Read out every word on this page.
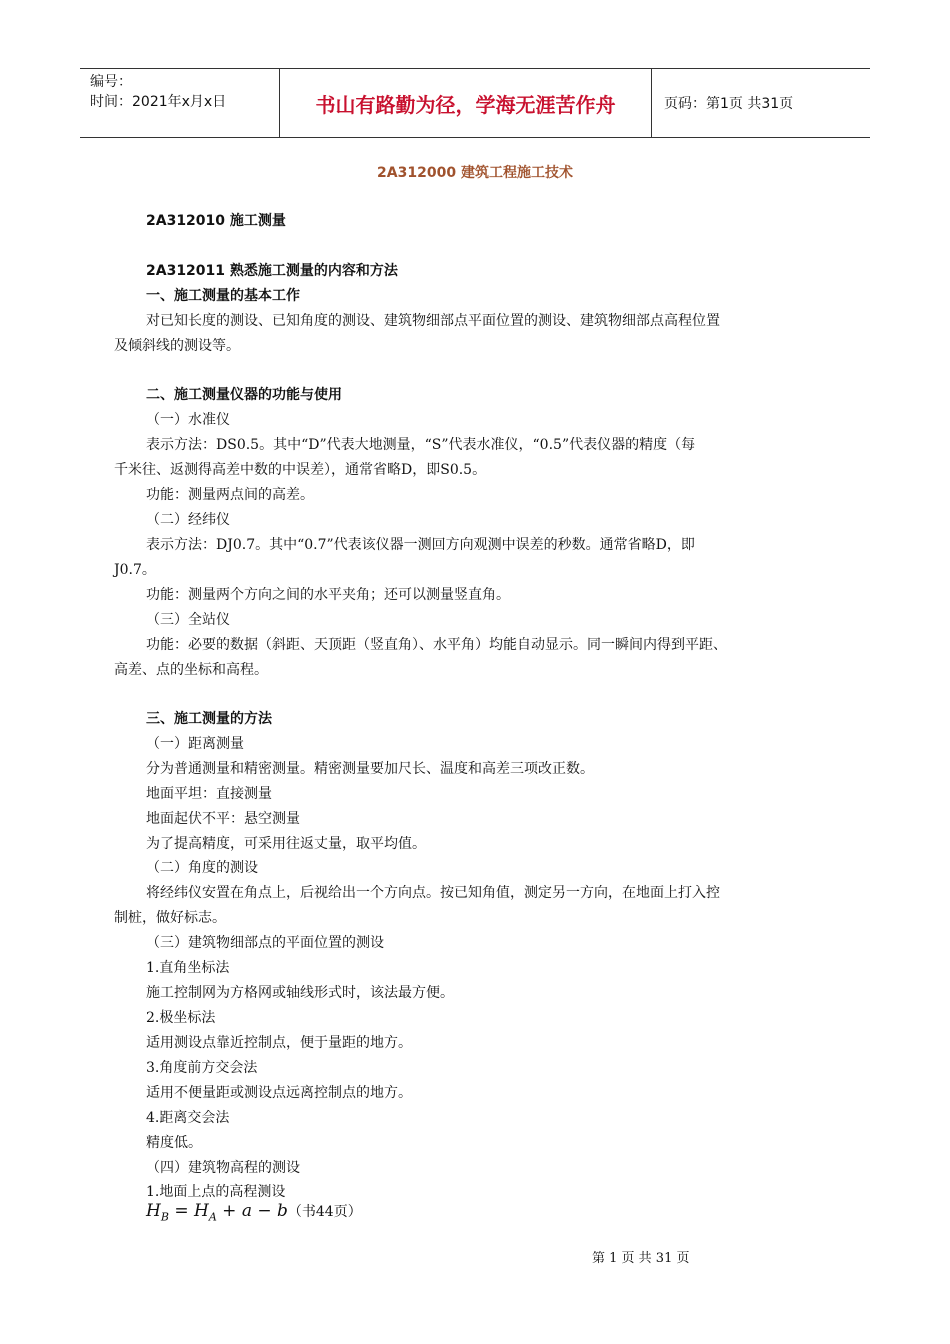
编号：
时间：2021年x月x日	书山有路勤为径，学海无涯苦作舟	页码：第1页 共31页
2A312000 建筑工程施工技术
2A312010 施工测量
2A312011 熟悉施工测量的内容和方法
一、施工测量的基本工作
对已知长度的测设、已知角度的测设、建筑物细部点平面位置的测设、建筑物细部点高程位置
及倾斜线的测设等。
二、施工测量仪器的功能与使用
（一）水准仪
表示方法：DS0.5。其中“D”代表大地测量，“S”代表水准仪，“0.5”代表仪器的精度（每
千米往、返测得高差中数的中误差），通常省略D，即S0.5。
功能：测量两点间的高差。
（二）经纬仪
表示方法：DJ0.7。其中“0.7”代表该仪器一测回方向观测中误差的秒数。通常省略D，即
J0.7。
功能：测量两个方向之间的水平夹角；还可以测量竖直角。
（三）全站仪
功能：必要的数据（斜距、天顶距（竖直角）、水平角）均能自动显示。同一瞬间内得到平距、
高差、点的坐标和高程。
三、施工测量的方法
（一）距离测量
分为普通测量和精密测量。精密测量要加尺长、温度和高差三项改正数。
地面平坦：直接测量
地面起伏不平：悬空测量
为了提高精度，可采用往返丈量，取平均值。
（二）角度的测设
将经纬仪安置在角点上，后视给出一个方向点。按已知角值，测定另一方向，在地面上打入控
制桩，做好标志。
（三）建筑物细部点的平面位置的测设
1.直角坐标法
施工控制网为方格网或轴线形式时，该法最方便。
2.极坐标法
适用测设点靠近控制点，便于量距的地方。
3.角度前方交会法
适用不便量距或测设点远离控制点的地方。
4.距离交会法
精度低。
（四）建筑物高程的测设
1.地面上点的高程测设
$H_B = H_A + a - b$（书44页）
第 1 页 共 31 页
